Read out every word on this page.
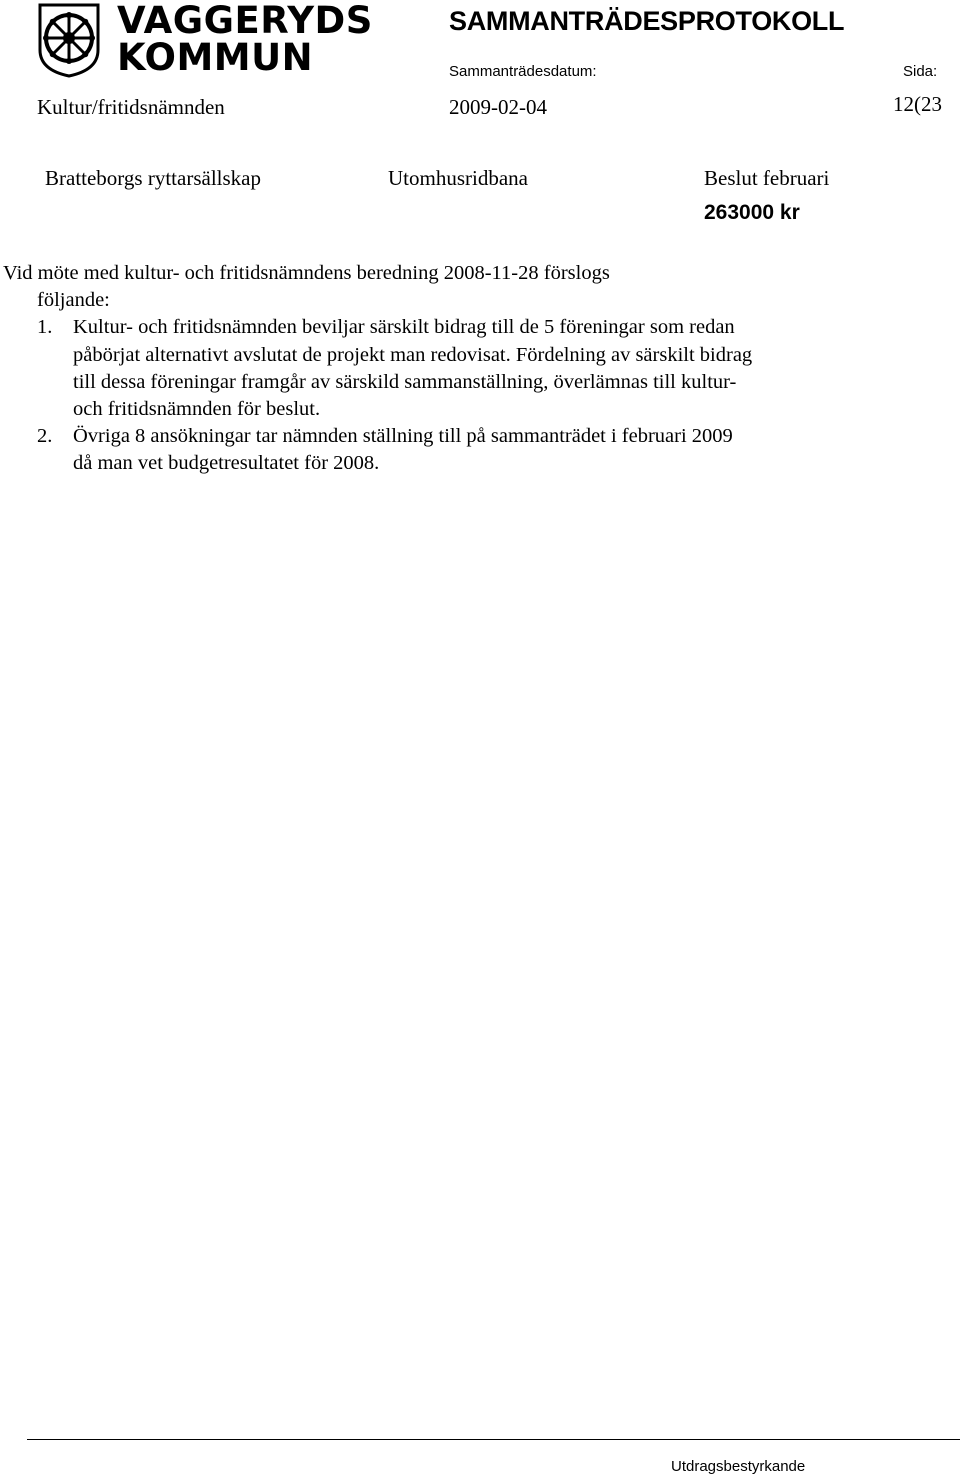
VAGGERYDS
KOMMUN
SAMMANTRÄDESPROTOKOLL
Sammanträdesdatum:	Sida:
Kultur/fritidsnämnden	2009-02-04	12(23
Bratteborgs ryttarsällskap	Utomhusridbana	Beslut februari
263000 kr

Vid möte med kultur- och fritidsnämndens beredning 2008-11-28 förslogs

följande:

1. Kultur- och fritidsnämnden beviljar särskilt bidrag till de 5 föreningar som redan påbörjat alternativt avslutat de projekt man redovisat. Fördelning av särskilt bidrag till dessa föreningar framgår av särskild sammanställning, överlämnas till kultur- och fritidsnämnden för beslut.
2. Övriga 8 ansökningar tar nämnden ställning till på sammanträdet i februari 2009 då man vet budgetresultatet för 2008.
Utdragsbestyrkande
